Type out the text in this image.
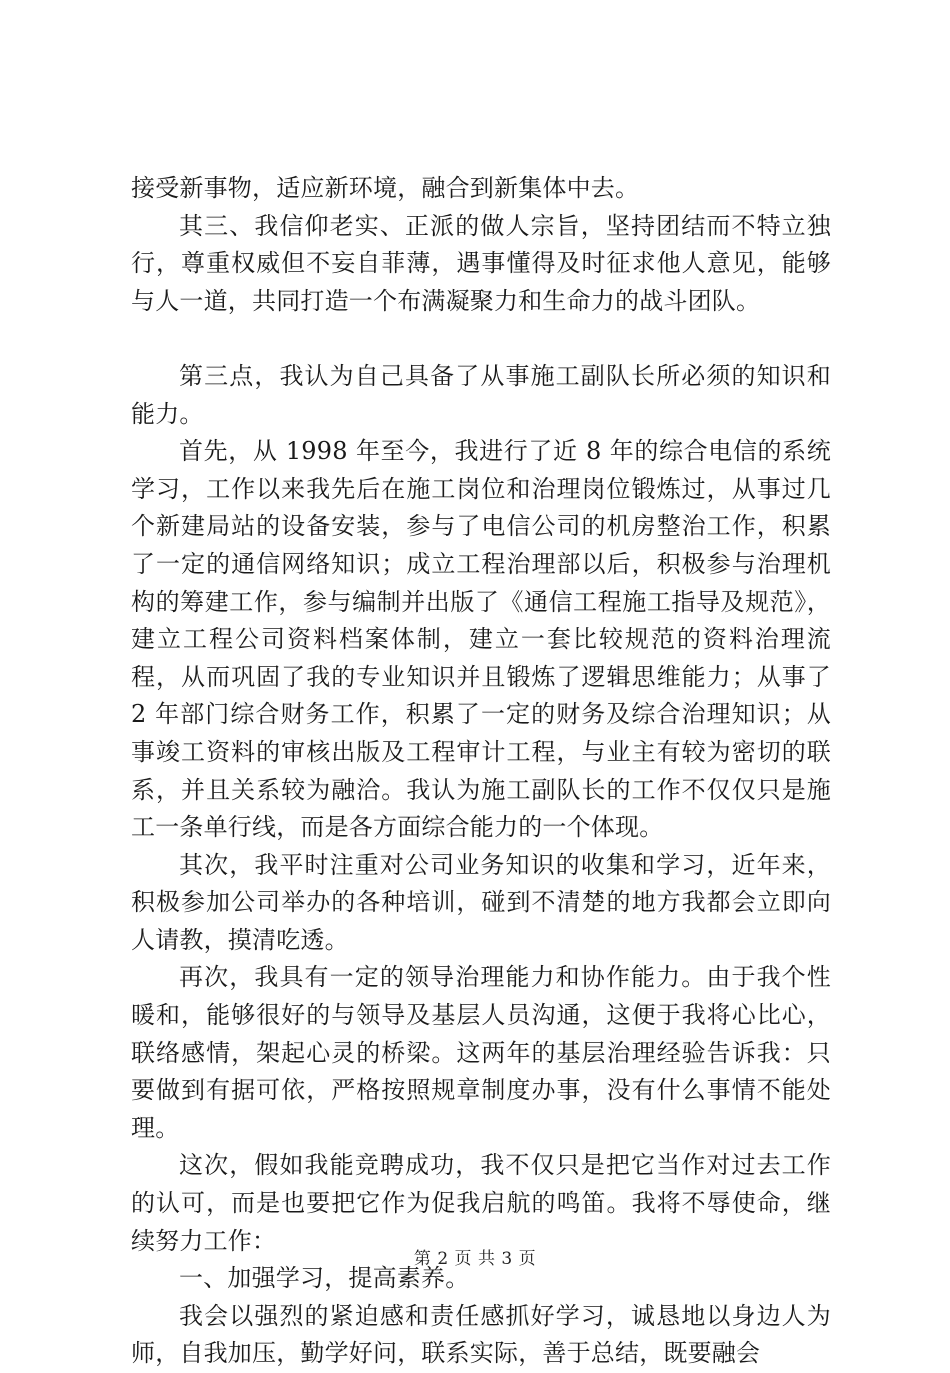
接受新事物，适应新环境，融合到新集体中去。

其三、我信仰老实、正派的做人宗旨，坚持团结而不特立独行，尊重权威但不妄自菲薄，遇事懂得及时征求他人意见，能够与人一道，共同打造一个布满凝聚力和生命力的战斗团队。

第三点，我认为自己具备了从事施工副队长所必须的知识和能力。

首先，从 1998 年至今，我进行了近 8 年的综合电信的系统学习，工作以来我先后在施工岗位和治理岗位锻炼过，从事过几个新建局站的设备安装，参与了电信公司的机房整治工作，积累了一定的通信网络知识；成立工程治理部以后，积极参与治理机构的筹建工作，参与编制并出版了《通信工程施工指导及规范》，建立工程公司资料档案体制，建立一套比较规范的资料治理流程，从而巩固了我的专业知识并且锻炼了逻辑思维能力；从事了 2 年部门综合财务工作，积累了一定的财务及综合治理知识；从事竣工资料的审核出版及工程审计工程，与业主有较为密切的联系，并且关系较为融洽。我认为施工副队长的工作不仅仅只是施工一条单行线，而是各方面综合能力的一个体现。

其次，我平时注重对公司业务知识的收集和学习，近年来，积极参加公司举办的各种培训，碰到不清楚的地方我都会立即向人请教，摸清吃透。

再次，我具有一定的领导治理能力和协作能力。由于我个性暖和，能够很好的与领导及基层人员沟通，这便于我将心比心，联络感情，架起心灵的桥梁。这两年的基层治理经验告诉我：只要做到有据可依，严格按照规章制度办事，没有什么事情不能处理。

这次，假如我能竞聘成功，我不仅只是把它当作对过去工作的认可，而是也要把它作为促我启航的鸣笛。我将不辱使命，继续努力工作：

一、加强学习，提高素养。

我会以强烈的紧迫感和责任感抓好学习，诚恳地以身边人为师，自我加压，勤学好问，联系实际，善于总结，既要融会

第 2 页 共 3 页
